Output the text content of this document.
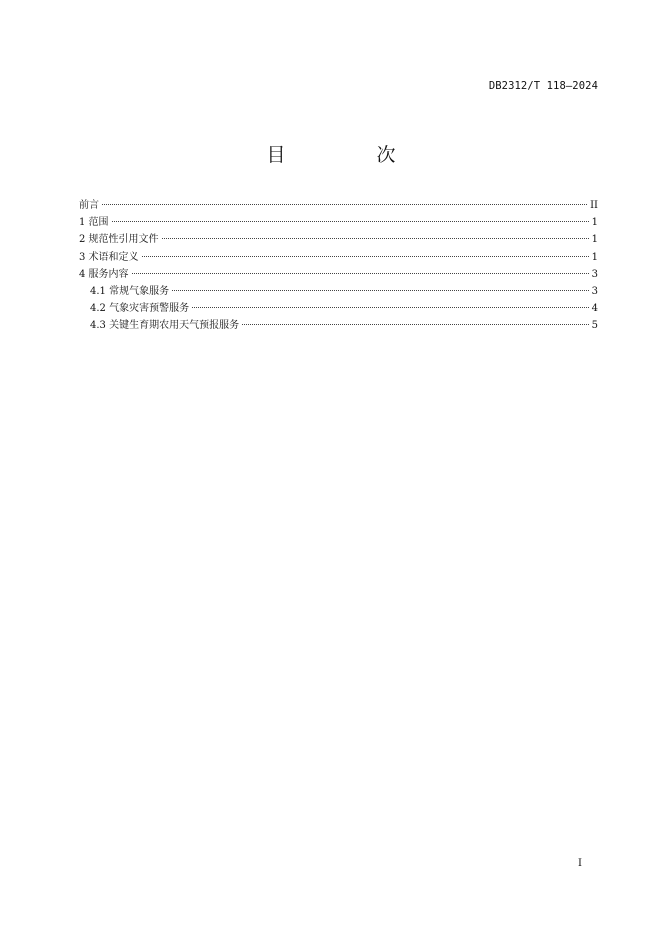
DB2312/T 118—2024
目　次
前言	II
1 范围	1
2 规范性引用文件	1
3 术语和定义	1
4 服务内容	3
4.1 常规气象服务	3
4.2 气象灾害预警服务	4
4.3 关键生育期农用天气预报服务	5
I
